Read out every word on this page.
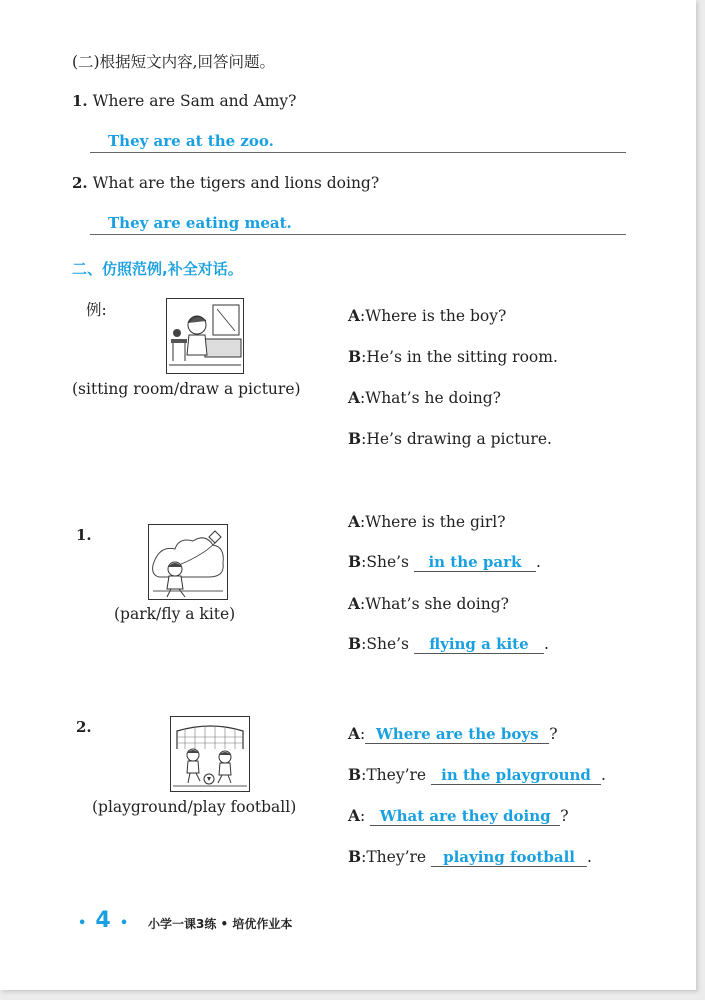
(二)根据短文内容,回答问题。
1. Where are Sam and Amy?
They are at the zoo.
2. What are the tigers and lions doing?
They are eating meat.
二、仿照范例,补全对话。
例:
(sitting room/draw a picture)
A:Where is the boy?
B:He’s in the sitting room.
A:What’s he doing?
B:He’s drawing a picture.
1.
(park/fly a kite)
A:Where is the girl?
B:She’s in the park .
A:What’s she doing?
B:She’s flying a kite .
2.
(playground/play football)
A: Where are the boys ?
B:They’re in the playground .
A: What are they doing ?
B:They’re playing football .
• 4 • 小学一课3练 • 培优作业本
